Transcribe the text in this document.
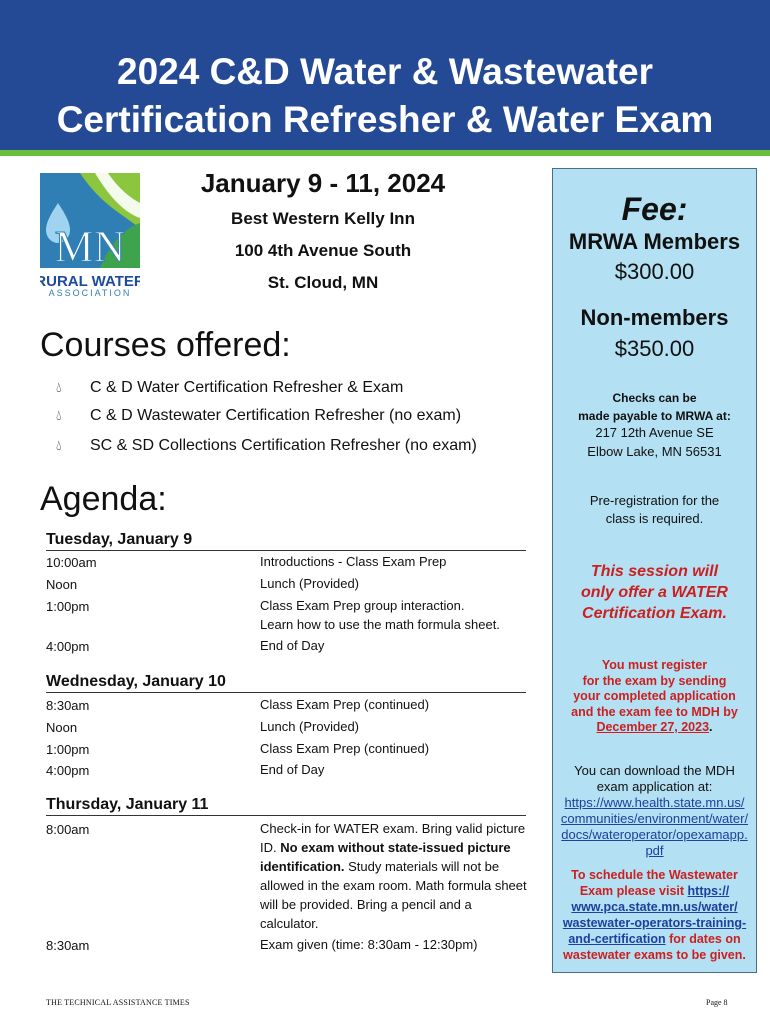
2024 C&D Water & Wastewater
Certification Refresher & Water Exam
MN
RURAL WATER
ASSOCIATION
January 9 - 11, 2024
Best Western Kelly Inn
100 4th Avenue South
St. Cloud, MN
Courses offered:
💧︎ C & D Water Certification Refresher & Exam
💧︎ C & D Wastewater Certification Refresher (no exam)
💧︎ SC & SD Collections Certification Refresher (no exam)
Agenda:
Tuesday, January 9
10:00am	Introductions - Class Exam Prep
Noon	Lunch (Provided)
1:00pm	Class Exam Prep group interaction.
Learn how to use the math formula sheet.
4:00pm	End of Day
Wednesday, January 10
8:30am	Class Exam Prep (continued)
Noon	Lunch (Provided)
1:00pm	Class Exam Prep (continued)
4:00pm	End of Day
Thursday, January 11
8:00am	Check-in for WATER exam. Bring valid picture ID. No exam without state-issued picture identification. Study materials will not be allowed in the exam room. Math formula sheet will be provided. Bring a pencil and a calculator.
8:30am	Exam given (time: 8:30am - 12:30pm)
Fee:
MRWA Members
$300.00
Non-members
$350.00
Checks can be
made payable to MRWA at:
217 12th Avenue SE
Elbow Lake, MN 56531
Pre-registration for the
class is required.
This session will
only offer a WATER
Certification Exam.
You must register
for the exam by sending
your completed application
and the exam fee to MDH by
December 27, 2023.
You can download the MDH
exam application at:
https://www.health.state.mn.us/
communities/environment/water/
docs/wateroperator/opexamapp.
pdf
To schedule the Wastewater
Exam please visit https://
www.pca.state.mn.us/water/
wastewater-operators-training-
and-certification for dates on
wastewater exams to be given.
THE TECHNICAL ASSISTANCE TIMES	Page 8
